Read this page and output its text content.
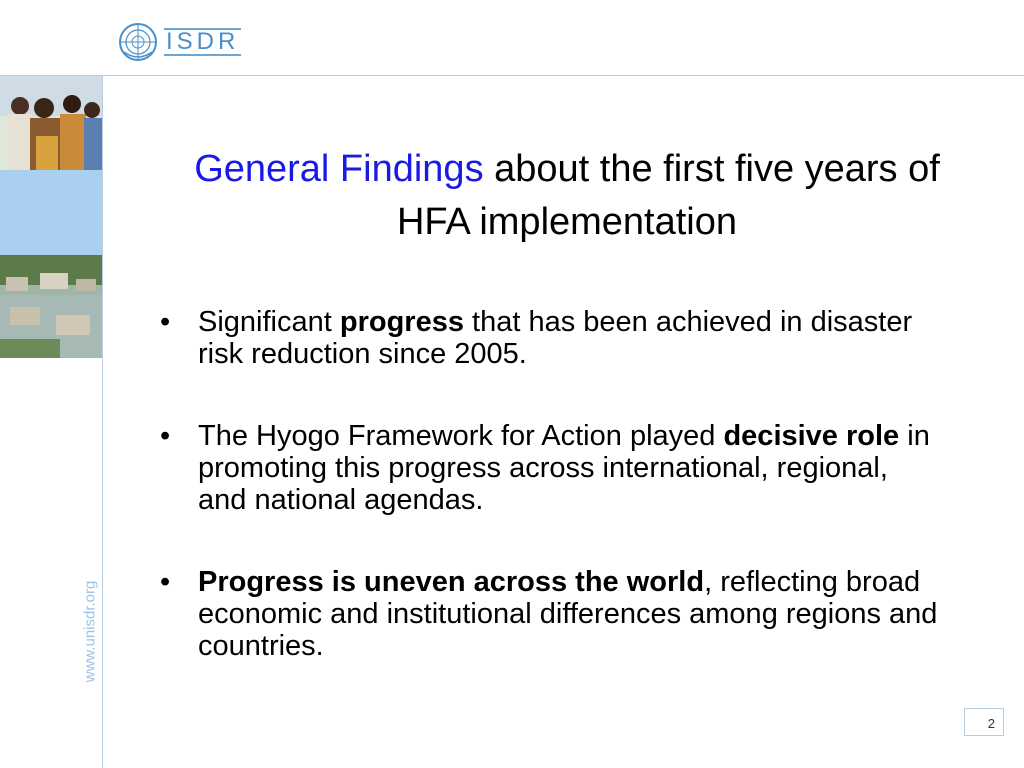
ISDR
www.unisdr.org
General Findings about the first five years of
HFA implementation
• Significant progress that has been achieved in disaster risk reduction since 2005.
• The Hyogo Framework for Action played decisive role in promoting this progress across international, regional, and national agendas.
• Progress is uneven across the world, reflecting broad economic and institutional differences among regions and countries.
2
